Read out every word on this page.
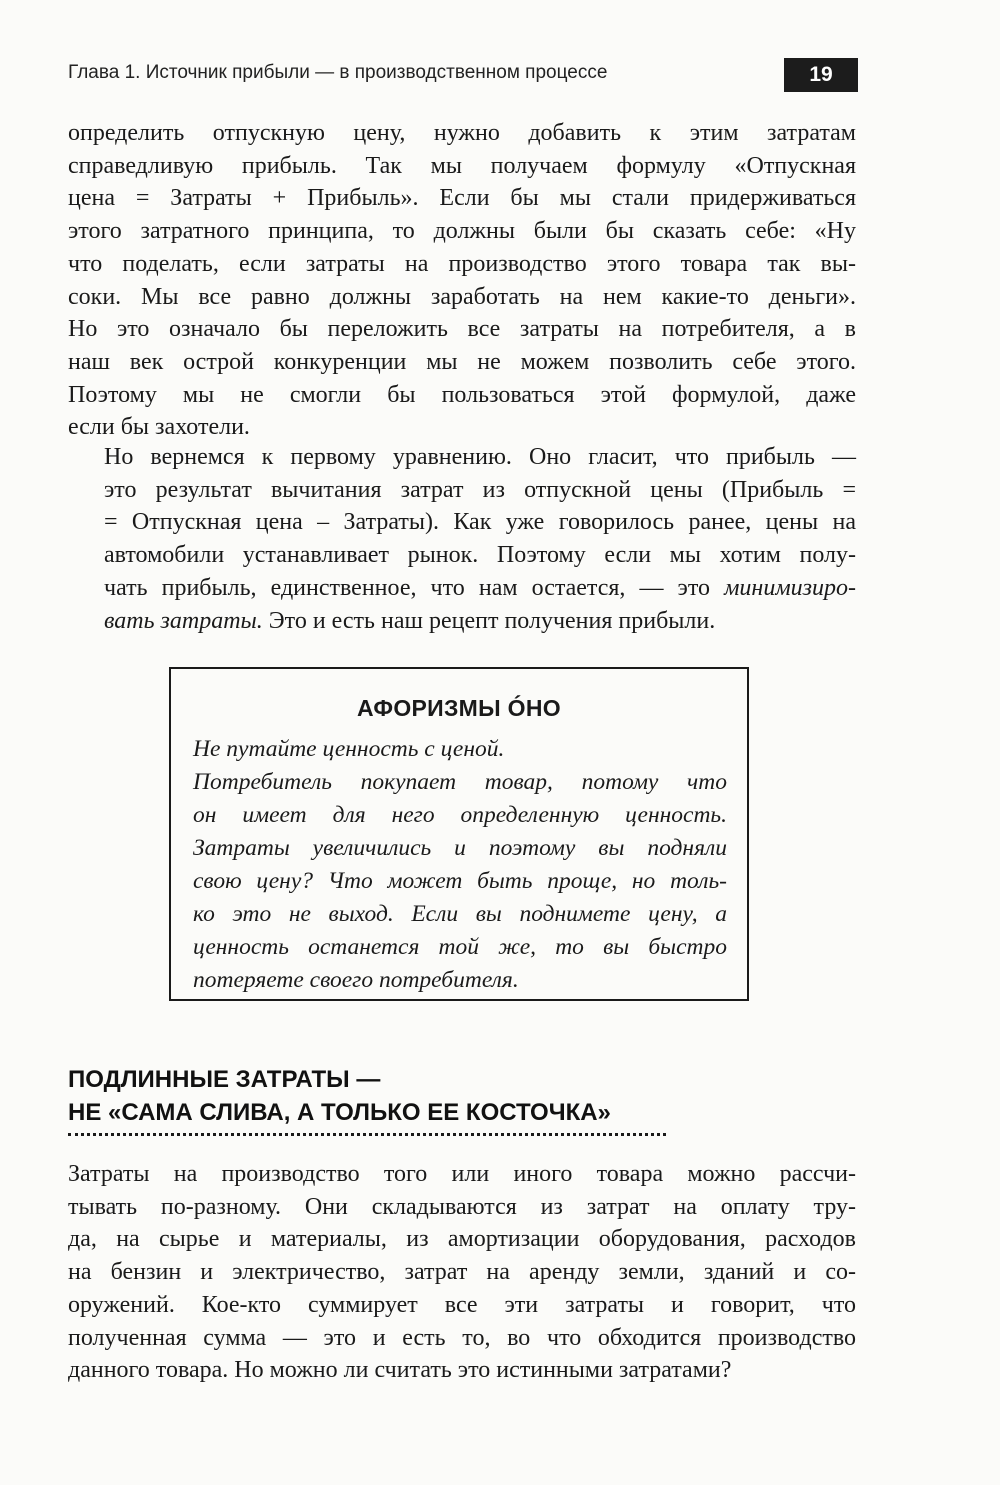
Глава 1. Источник прибыли — в производственном процессе	19
определить отпускную цену, нужно добавить к этим затратам
справедливую прибыль. Так мы получаем формулу «Отпускная
цена = Затраты + Прибыль». Если бы мы стали придерживаться
этого затратного принципа, то должны были бы сказать себе: «Ну
что поделать, если затраты на производство этого товара так вы-
соки. Мы все равно должны заработать на нем какие-то деньги».
Но это означало бы переложить все затраты на потребителя, а в
наш век острой конкуренции мы не можем позволить себе этого.
Поэтому мы не смогли бы пользоваться этой формулой, даже
если бы захотели.
Но вернемся к первому уравнению. Оно гласит, что прибыль —
это результат вычитания затрат из отпускной цены (Прибыль =
= Отпускная цена – Затраты). Как уже говорилось ранее, цены на
автомобили устанавливает рынок. Поэтому если мы хотим полу-
чать прибыль, единственное, что нам остается, — это минимизиро-
вать затраты. Это и есть наш рецепт получения прибыли.
АФОРИЗМЫ ÓНО
Не путайте ценность с ценой.
Потребитель покупает товар, потому что
он имеет для него определенную ценность.
Затраты увеличились и поэтому вы подняли
свою цену? Что может быть проще, но толь-
ко это не выход. Если вы поднимете цену, а
ценность останется той же, то вы быстро
потеряете своего потребителя.
ПОДЛИННЫЕ ЗАТРАТЫ —
НЕ «САМА СЛИВА, А ТОЛЬКО ЕЕ КОСТОЧКА»
Затраты на производство того или иного товара можно рассчи-
тывать по-разному. Они складываются из затрат на оплату тру-
да, на сырье и материалы, из амортизации оборудования, расходов
на бензин и электричество, затрат на аренду земли, зданий и со-
оружений. Кое-кто суммирует все эти затраты и говорит, что
полученная сумма — это и есть то, во что обходится производство
данного товара. Но можно ли считать это истинными затратами?
